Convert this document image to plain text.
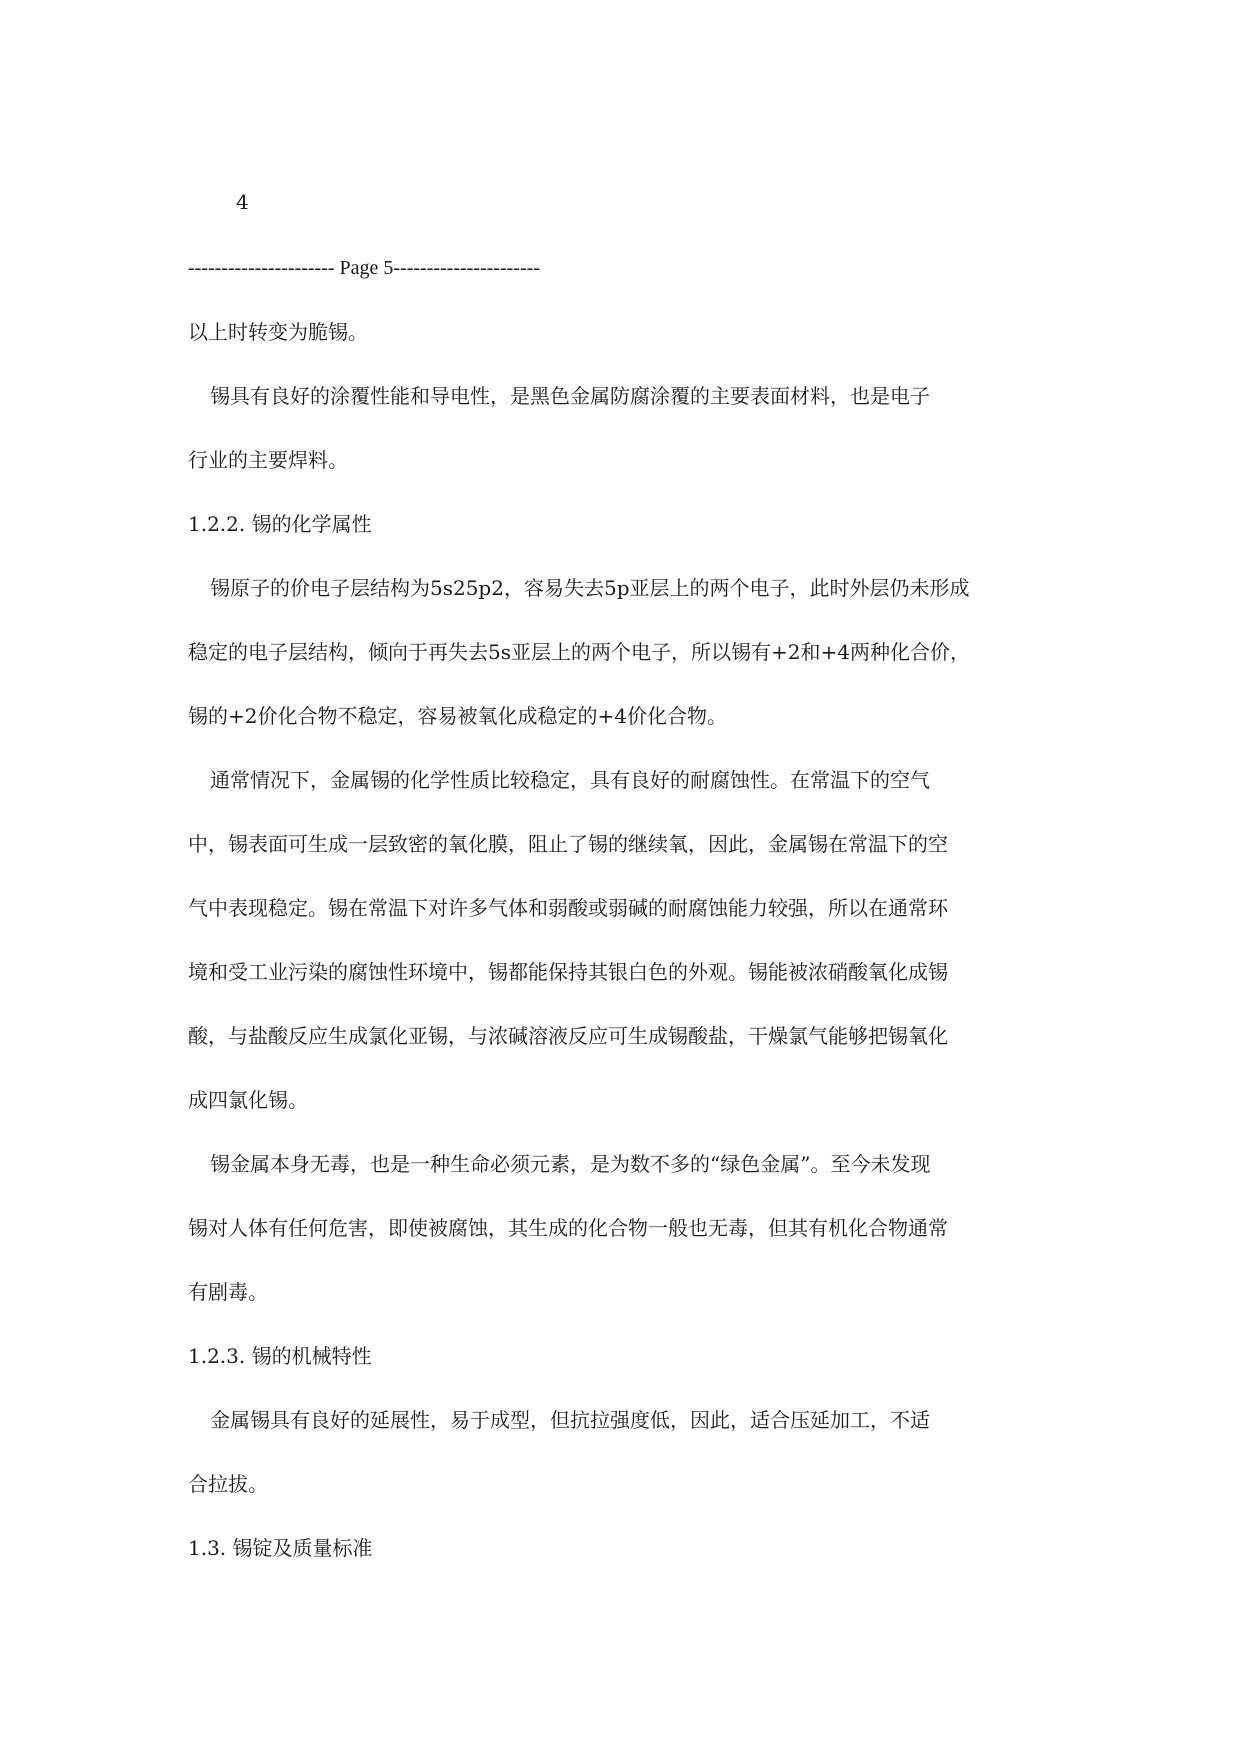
4
---------------------- Page 5----------------------
以上时转变为脆锡。
锡具有良好的涂覆性能和导电性，是黑色金属防腐涂覆的主要表面材料，也是电子
行业的主要焊料。
1.2.2. 锡的化学属性
锡原子的价电子层结构为5s25p2，容易失去5p亚层上的两个电子，此时外层仍未形成
稳定的电子层结构，倾向于再失去5s亚层上的两个电子，所以锡有+2和+4两种化合价，
锡的+2价化合物不稳定，容易被氧化成稳定的+4价化合物。
通常情况下，金属锡的化学性质比较稳定，具有良好的耐腐蚀性。在常温下的空气
中，锡表面可生成一层致密的氧化膜，阻止了锡的继续氧，因此，金属锡在常温下的空
气中表现稳定。锡在常温下对许多气体和弱酸或弱碱的耐腐蚀能力较强，所以在通常环
境和受工业污染的腐蚀性环境中，锡都能保持其银白色的外观。锡能被浓硝酸氧化成锡
酸，与盐酸反应生成氯化亚锡，与浓碱溶液反应可生成锡酸盐，干燥氯气能够把锡氧化
成四氯化锡。
锡金属本身无毒，也是一种生命必须元素，是为数不多的“绿色金属”。至今未发现
锡对人体有任何危害，即使被腐蚀，其生成的化合物一般也无毒，但其有机化合物通常
有剧毒。
1.2.3. 锡的机械特性
金属锡具有良好的延展性，易于成型，但抗拉强度低，因此，适合压延加工，不适
合拉拔。
1.3. 锡锭及质量标准
